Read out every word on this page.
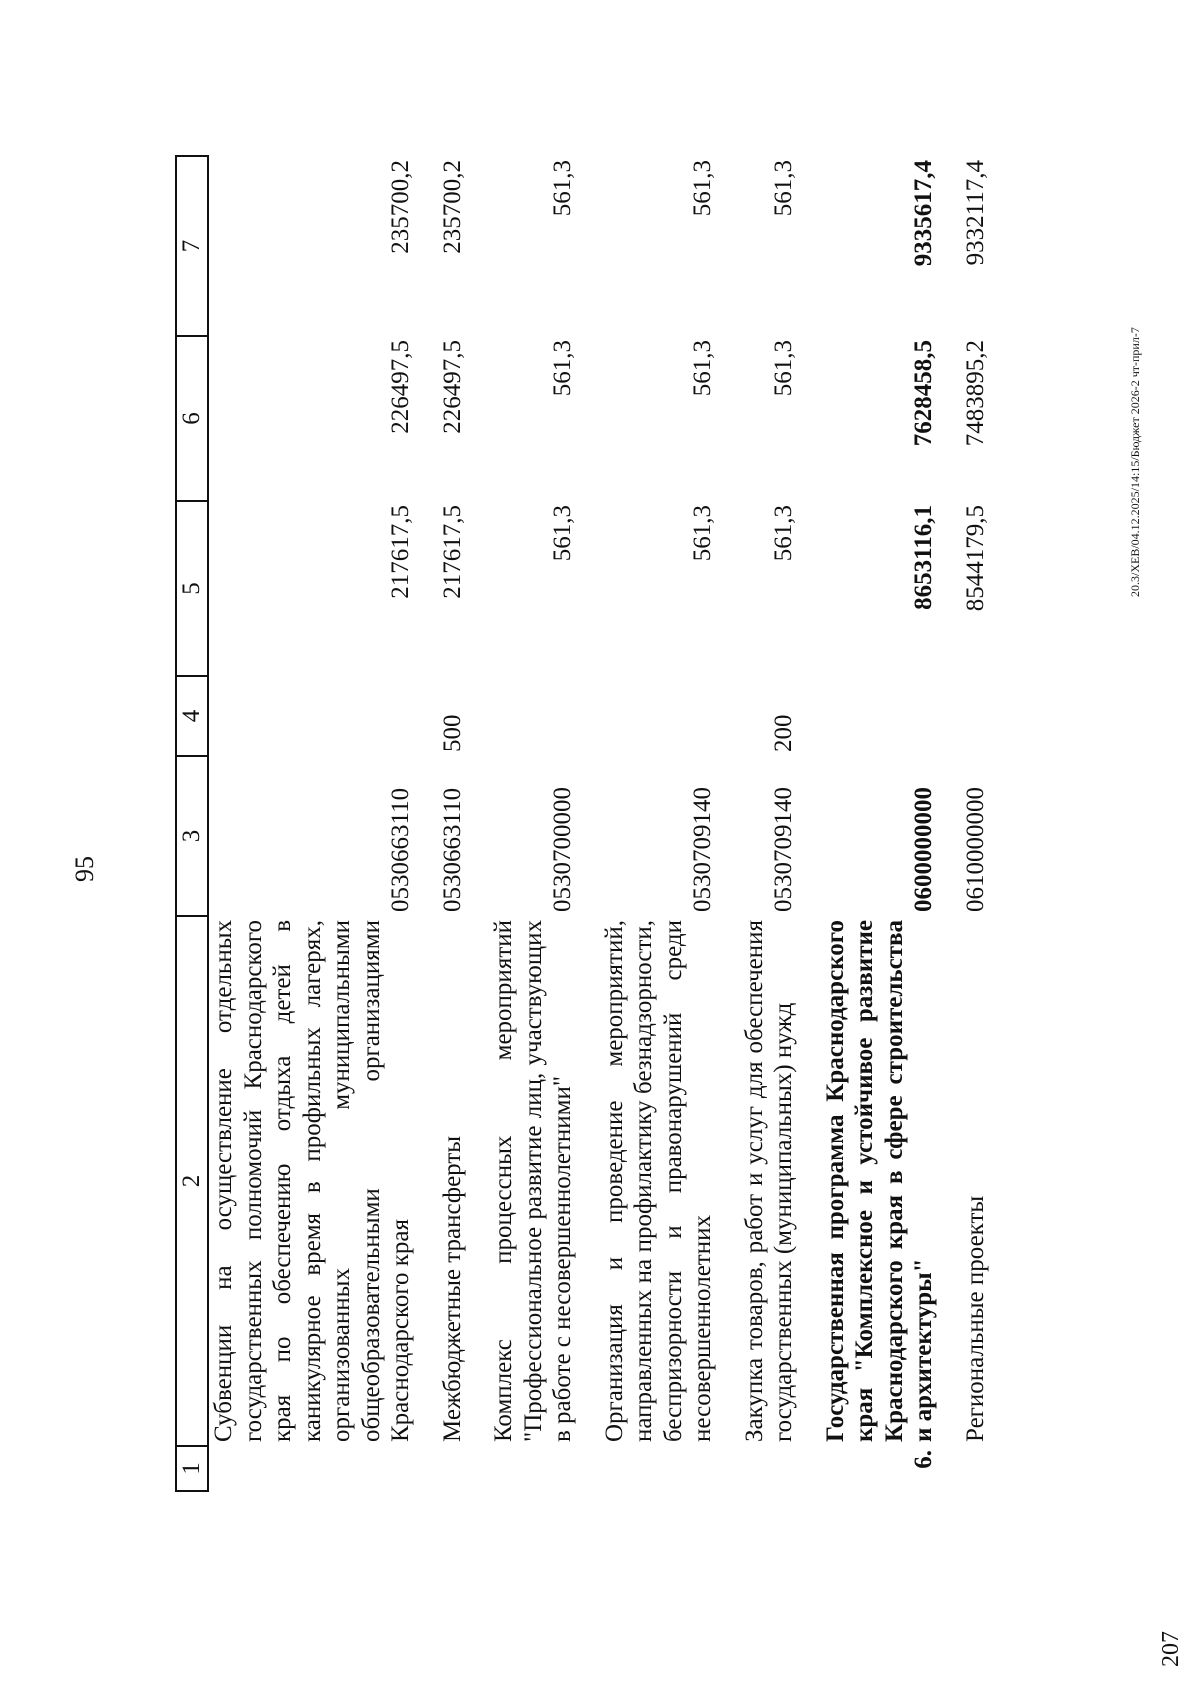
95
1	2	3	4	5	6	7
	Субвенции на осуществление отдельных государственных полномочий Краснодарского края по обеспечению отдыха детей в каникулярное время в профильных лагерях, организованных муниципальными общеобразовательными организациями Краснодарского края	0530663110		217617,5	226497,5	235700,2
	Межбюджетные трансферты	0530663110	500	217617,5	226497,5	235700,2
	Комплекс процессных мероприятий "Профессиональное развитие лиц, участвующих в работе с несовершеннолетними"	0530700000		561,3	561,3	561,3
	Организация и проведение мероприятий, направленных на профилактику безнадзорности, беспризорности и правонарушений среди несовершеннолетних	0530709140		561,3	561,3	561,3
	Закупка товаров, работ и услуг для обеспечения государственных (муниципальных) нужд	0530709140	200	561,3	561,3	561,3
6.	Государственная программа Краснодарского края "Комплексное и устойчивое развитие Краснодарского края в сфере строительства и архитектуры"	0600000000		8653116,1	7628458,5	9335617,4
	Региональные проекты	0610000000		8544179,5	7483895,2	9332117,4
20.3/XEB/04.12.2025/14:15/Бюджет 2026-2 чт-прил-7
207
